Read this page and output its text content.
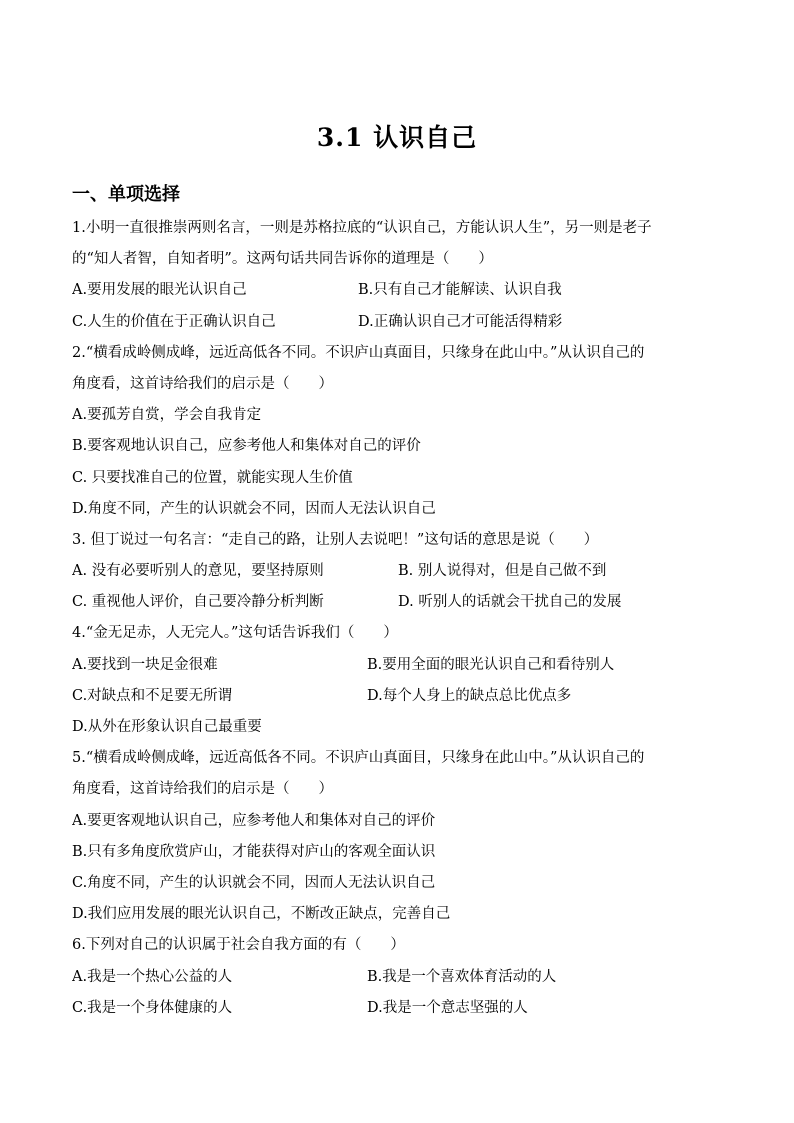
3.1 认识自己
一、单项选择
1.小明一直很推崇两则名言，一则是苏格拉底的“认识自己，方能认识人生”，另一则是老子
的“知人者智，自知者明”。这两句话共同告诉你的道理是（　　）
A.要用发展的眼光认识自己	B.只有自己才能解读、认识自我
C.人生的价值在于正确认识自己	D.正确认识自己才可能活得精彩
2.“横看成岭侧成峰，远近高低各不同。不识庐山真面目，只缘身在此山中。”从认识自己的
角度看，这首诗给我们的启示是（　　）
A.要孤芳自赏，学会自我肯定
B.要客观地认识自己，应参考他人和集体对自己的评价
C. 只要找准自己的位置，就能实现人生价值
D.角度不同，产生的认识就会不同，因而人无法认识自己
3. 但丁说过一句名言：“走自己的路，让别人去说吧！”这句话的意思是说（　　）
A. 没有必要听别人的意见，要坚持原则	B. 别人说得对，但是自己做不到
C. 重视他人评价，自己要冷静分析判断	D. 听别人的话就会干扰自己的发展
4.“金无足赤，人无完人。”这句话告诉我们（　　）
A.要找到一块足金很难	B.要用全面的眼光认识自己和看待别人
C.对缺点和不足要无所谓	D.每个人身上的缺点总比优点多
D.从外在形象认识自己最重要
5.“横看成岭侧成峰，远近高低各不同。不识庐山真面目，只缘身在此山中。”从认识自己的
角度看，这首诗给我们的启示是（　　）
A.要更客观地认识自己，应参考他人和集体对自己的评价
B.只有多角度欣赏庐山，才能获得对庐山的客观全面认识
C.角度不同，产生的认识就会不同，因而人无法认识自己
D.我们应用发展的眼光认识自己，不断改正缺点，完善自己
6.下列对自己的认识属于社会自我方面的有（　　）
A.我是一个热心公益的人	B.我是一个喜欢体育活动的人
C.我是一个身体健康的人	D.我是一个意志坚强的人
